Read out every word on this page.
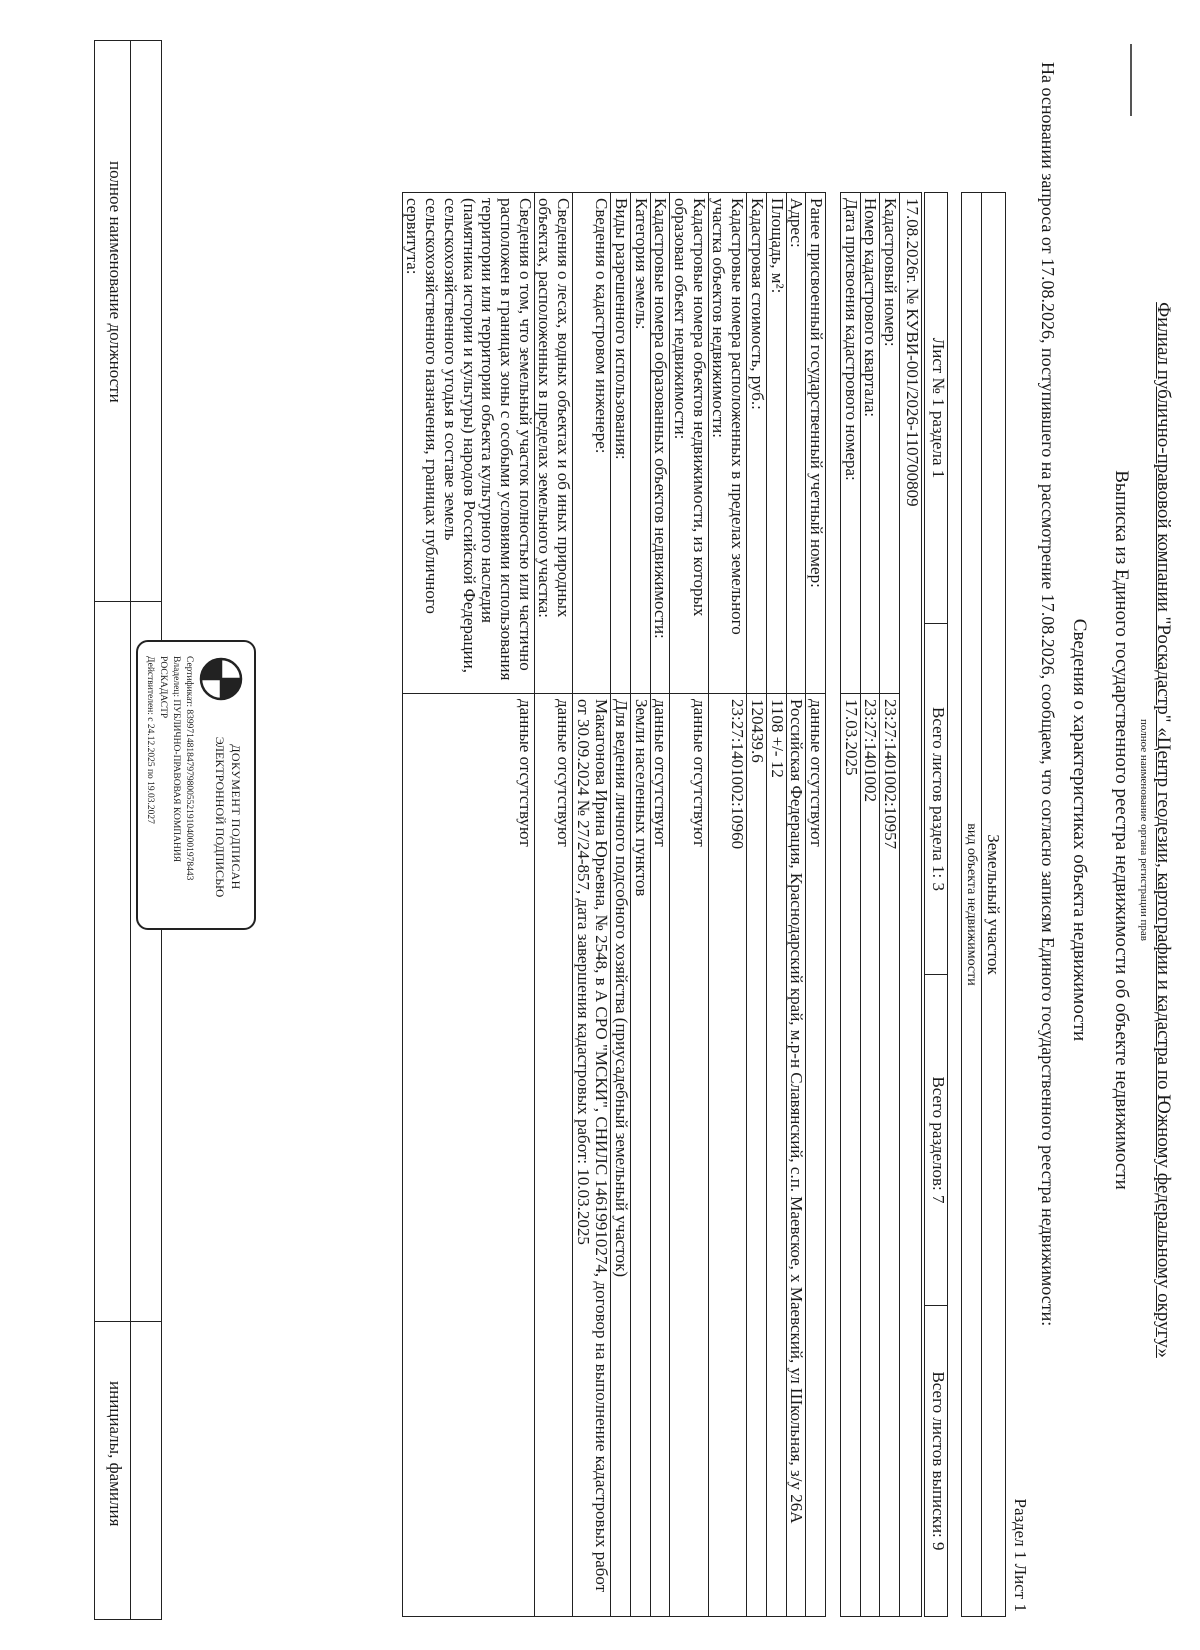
Филиал публично-правовой компании "Роскадастр" «Центр геодезии, картографии и кадастра по Южному федеральному округу»
полное наименование органа регистрации прав
Выписка из Единого государственного реестра недвижимости об объекте недвижимости
Сведения о характеристиках объекта недвижимости
На основании запроса от 17.08.2026, поступившего на рассмотрение 17.08.2026, сообщаем, что согласно записям Единого государственного реестра недвижимости:
Раздел 1 Лист 1
Земельный участок
вид объекта недвижимости
Лист № 1 раздела 1	Всего листов раздела 1: 3	Всего разделов: 7	Всего листов выписки: 9
17.08.2026г. № КУВИ-001/2026-110700809	
Кадастровый номер:	23:27:1401002:10957
Номер кадастрового квартала:	23:27:1401002
Дата присвоения кадастрового номера:	17.03.2025

Ранее присвоенный государственный учетный номер:	данные отсутствуют
Адрес:	Российская Федерация, Краснодарский край, м.р-н Славянский, с.п. Маевское, х Маевский, ул Школьная, з/у 26А
Площадь, м²:	1108 +/- 12
Кадастровая стоимость, руб.:	120439.6
Кадастровые номера расположенных в пределах земельного участка объектов недвижимости:	23:27:1401002:10960
Кадастровые номера объектов недвижимости, из которых образован объект недвижимости:	данные отсутствуют
Кадастровые номера образованных объектов недвижимости:	данные отсутствуют
Категория земель:	Земли населенных пунктов
Виды разрешенного использования:	Для ведения личного подсобного хозяйства (приусадебный земельный участок)
Сведения о кадастровом инженере:	Макагонова Ирина Юрьевна, № 2548, в А СРО "МСКИ", СНИЛС 14619910274, договор на выполнение кадастровых работ от 30.09.2024 № 27/24-857, дата завершения кадастровых работ: 10.03.2025
Сведения о лесах, водных объектах и об иных природных объектах, расположенных в пределах земельного участка:	данные отсутствуют
Сведения о том, что земельный участок полностью или частично расположен в границах зоны с особыми условиями использования территории или территории объекта культурного наследия (памятника истории и культуры) народов Российской Федерации, сельскохозяйственного угодья в составе земель сельскохозяйственного назначения, границах публичного сервитута:	данные отсутствуют
полное наименование должности
инициалы, фамилия
ДОКУМЕНТ ПОДПИСАН
ЭЛЕКТРОННОЙ ПОДПИСЬЮ
Сертификат: 839971481847979800552191040001978443
Владелец: ПУБЛИЧНО-ПРАВОВАЯ КОМПАНИЯ
РОСКАДАСТР
Действителен: с 24.12.2025 по 19.03.2027
